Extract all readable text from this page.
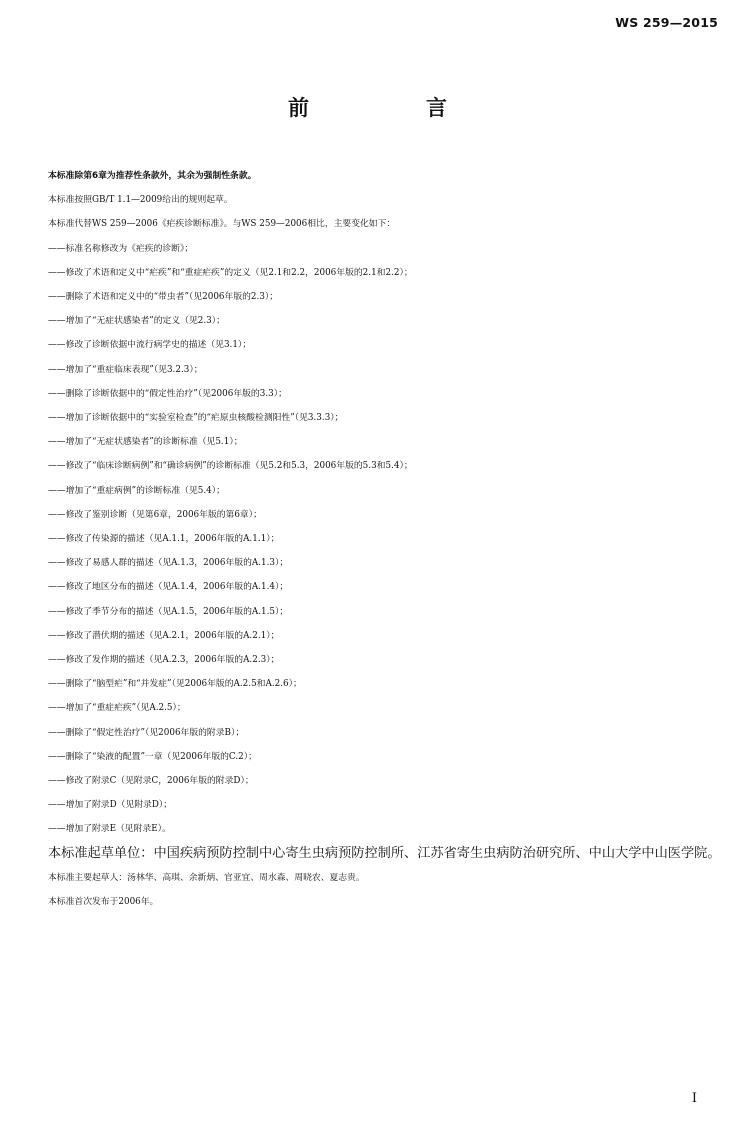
WS 259—2015
前　言
本标准除第6章为推荐性条款外，其余为强制性条款。
本标准按照GB/T 1.1—2009给出的规则起草。
本标准代替WS 259—2006《疟疾诊断标准》。与WS 259—2006相比，主要变化如下：
——标准名称修改为《疟疾的诊断》；
——修改了术语和定义中“疟疾”和“重症疟疾”的定义（见2.1和2.2，2006年版的2.1和2.2）；
——删除了术语和定义中的“带虫者”（见2006年版的2.3）；
——增加了“无症状感染者”的定义（见2.3）；
——修改了诊断依据中流行病学史的描述（见3.1）；
——增加了“重症临床表现”（见3.2.3）；
——删除了诊断依据中的“假定性治疗”（见2006年版的3.3）；
——增加了诊断依据中的“实验室检查”的“疟原虫核酸检测阳性”（见3.3.3）；
——增加了“无症状感染者”的诊断标准（见5.1）；
——修改了“临床诊断病例”和“确诊病例”的诊断标准（见5.2和5.3，2006年版的5.3和5.4）；
——增加了“重症病例”的诊断标准（见5.4）；
——修改了鉴别诊断（见第6章，2006年版的第6章）；
——修改了传染源的描述（见A.1.1，2006年版的A.1.1）；
——修改了易感人群的描述（见A.1.3，2006年版的A.1.3）；
——修改了地区分布的描述（见A.1.4，2006年版的A.1.4）；
——修改了季节分布的描述（见A.1.5，2006年版的A.1.5）；
——修改了潜伏期的描述（见A.2.1，2006年版的A.2.1）；
——修改了发作期的描述（见A.2.3，2006年版的A.2.3）；
——删除了“脑型疟”和“并发症”（见2006年版的A.2.5和A.2.6）；
——增加了“重症疟疾”（见A.2.5）；
——删除了“假定性治疗”（见2006年版的附录B）；
——删除了“染液的配置”一章（见2006年版的C.2）；
——修改了附录C（见附录C，2006年版的附录D）；
——增加了附录D（见附录D）；
——增加了附录E（见附录E）。
本标准起草单位：中国疾病预防控制中心寄生虫病预防控制所、江苏省寄生虫病防治研究所、中山大学中山医学院。
本标准主要起草人：汤林华、高琪、余新炳、官亚宜、周水森、周晓农、夏志贵。
本标准首次发布于2006年。
I
